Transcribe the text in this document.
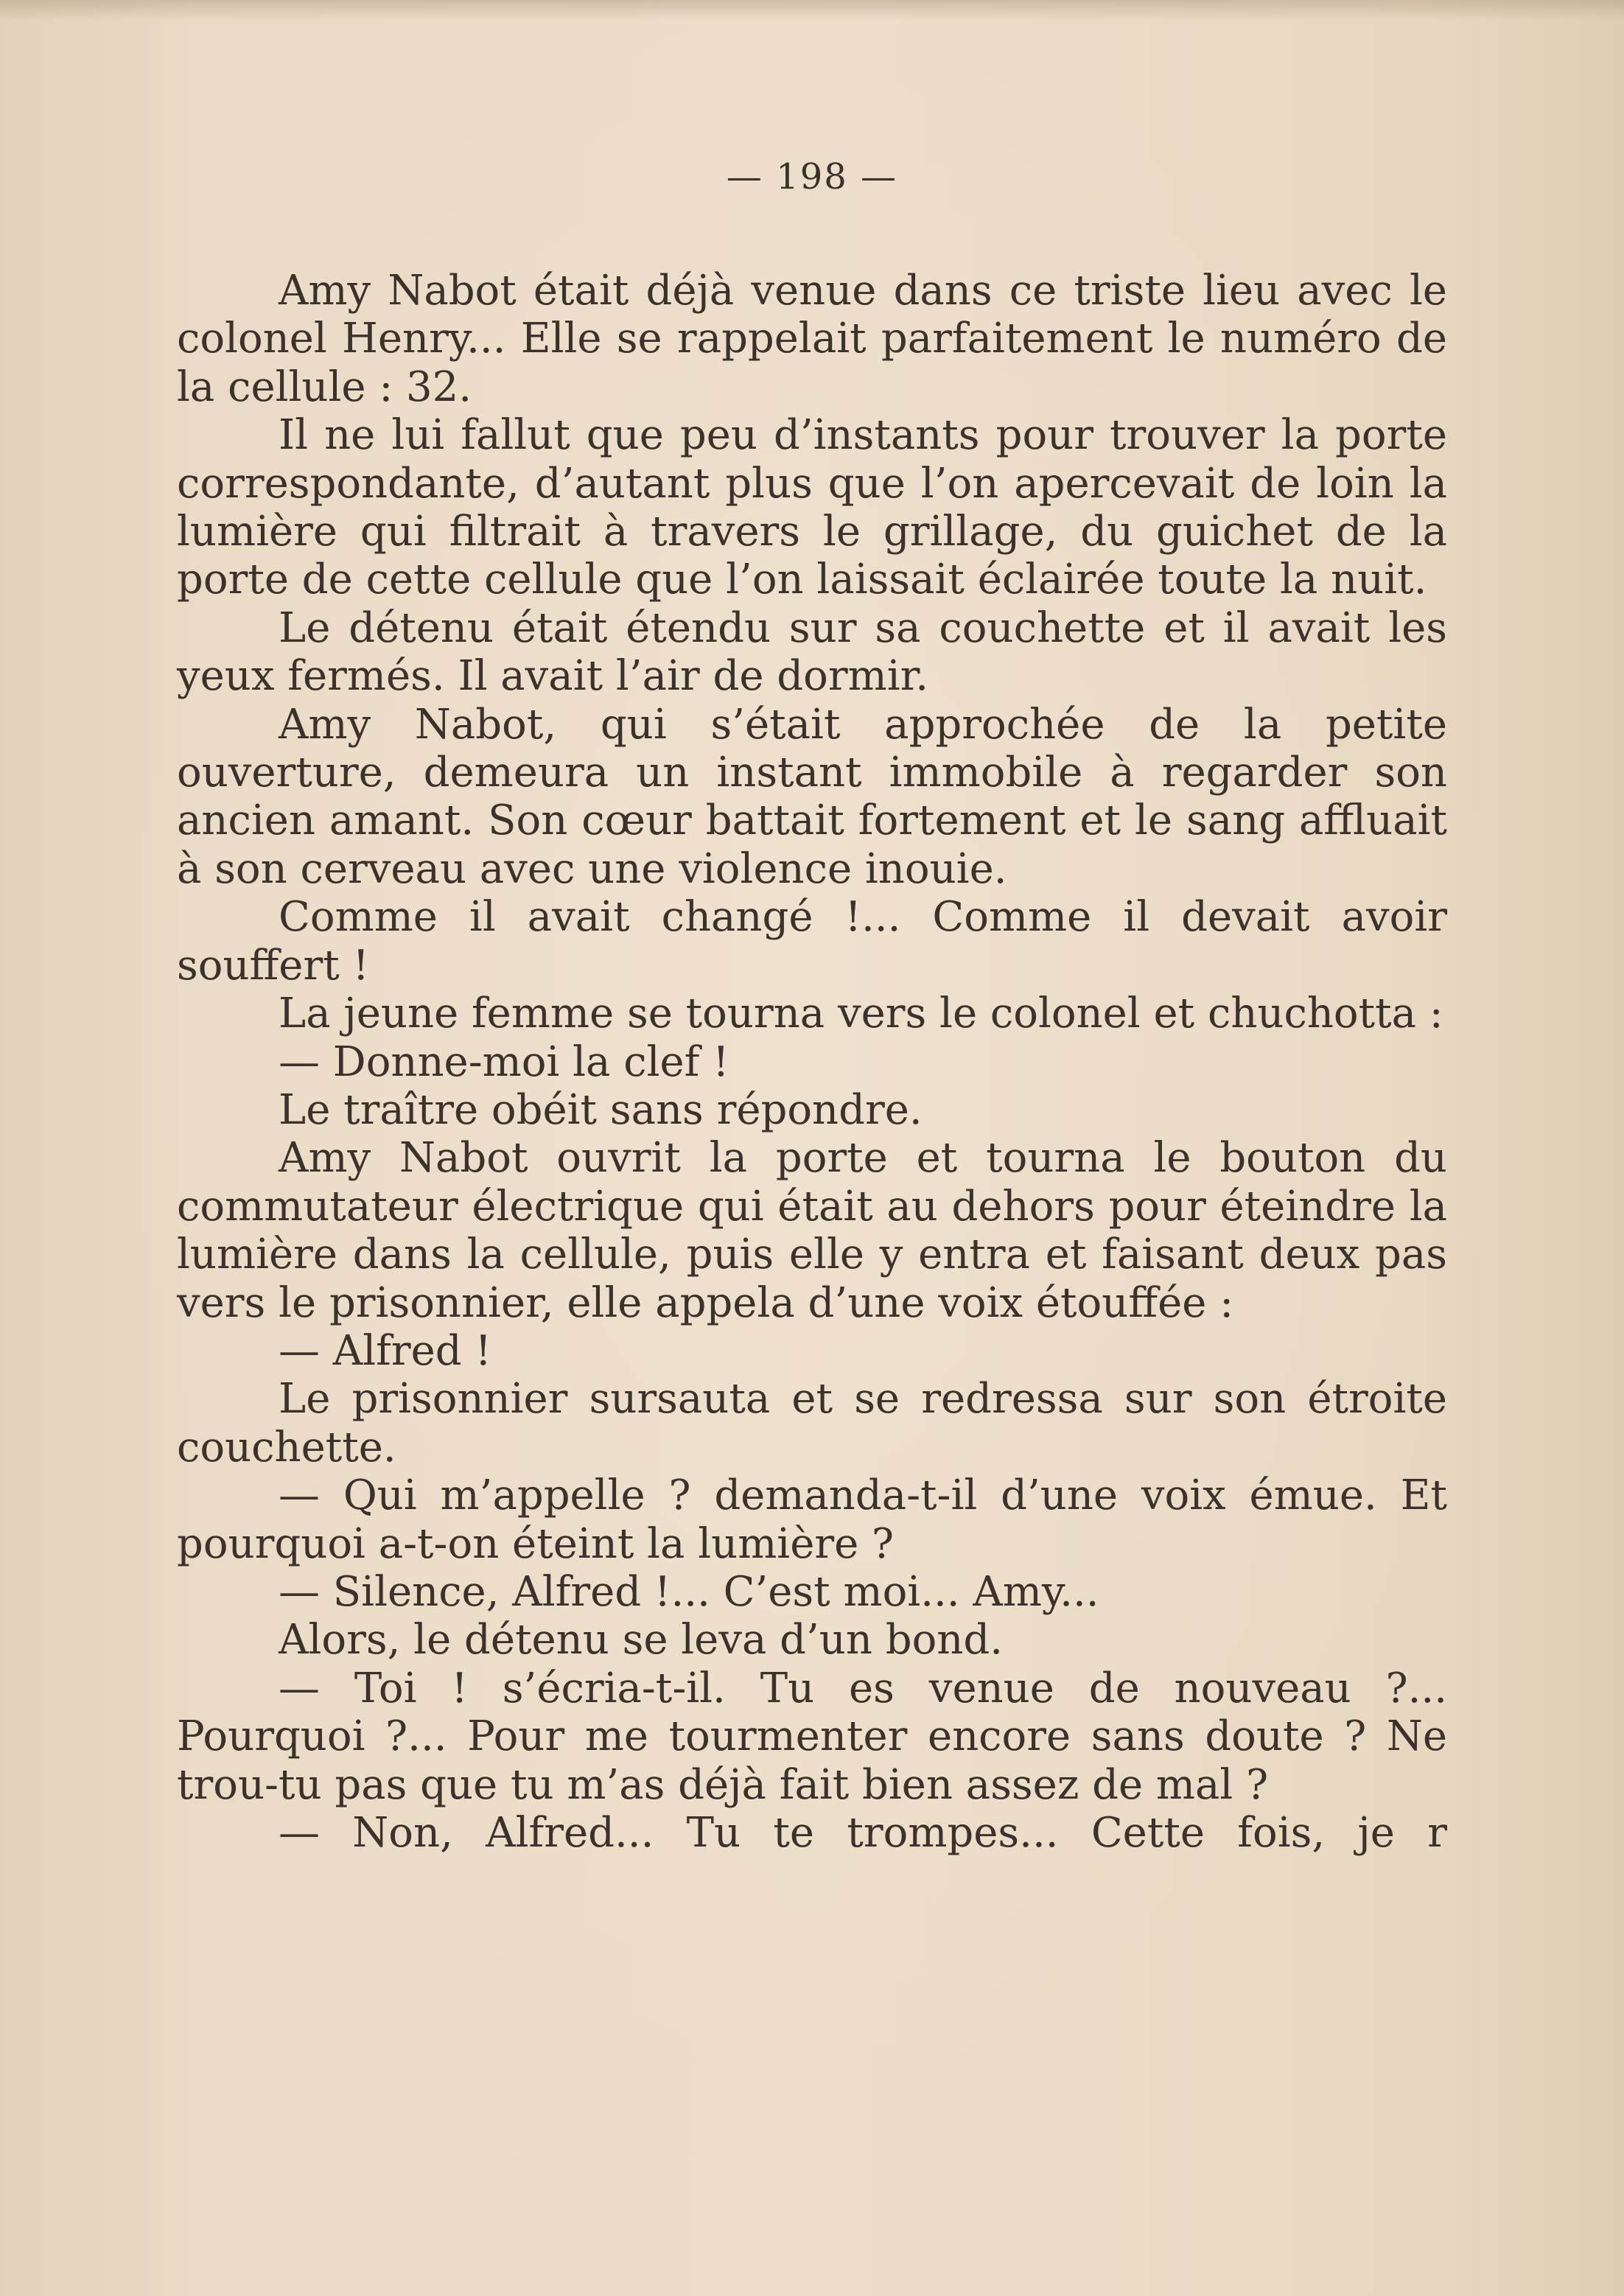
— 198 —

Amy Nabot était déjà venue dans ce triste lieu avec le colonel Henry... Elle se rappelait parfaitement le numéro de la cellule : 32.

Il ne lui fallut que peu d’instants pour trouver la porte correspondante, d’autant plus que l’on apercevait de loin la lumière qui filtrait à travers le grillage, du guichet de la porte de cette cellule que l’on laissait éclairée toute la nuit.

Le détenu était étendu sur sa couchette et il avait les yeux fermés. Il avait l’air de dormir.

Amy Nabot, qui s’était approchée de la petite ouverture, demeura un instant immobile à regarder son ancien amant. Son cœur battait fortement et le sang affluait à son cerveau avec une violence inouie.

Comme il avait changé !... Comme il devait avoir souffert !

La jeune femme se tourna vers le colonel et chuchotta :

— Donne-moi la clef !

Le traître obéit sans répondre.

Amy Nabot ouvrit la porte et tourna le bouton du commutateur électrique qui était au dehors pour éteindre la lumière dans la cellule, puis elle y entra et faisant deux pas vers le prisonnier, elle appela d’une voix étouffée :

— Alfred !

Le prisonnier sursauta et se redressa sur son étroite couchette.

— Qui m’appelle ? demanda-t-il d’une voix émue. Et pourquoi a-t-on éteint la lumière ?

— Silence, Alfred !... C’est moi... Amy...

Alors, le détenu se leva d’un bond.

— Toi ! s’écria-t-il. Tu es venue de nouveau ?... Pourquoi ?... Pour me tourmenter encore sans doute ? Ne trou-tu pas que tu m’as déjà fait bien assez de mal ?

— Non, Alfred... Tu te trompes... Cette fois, je r
